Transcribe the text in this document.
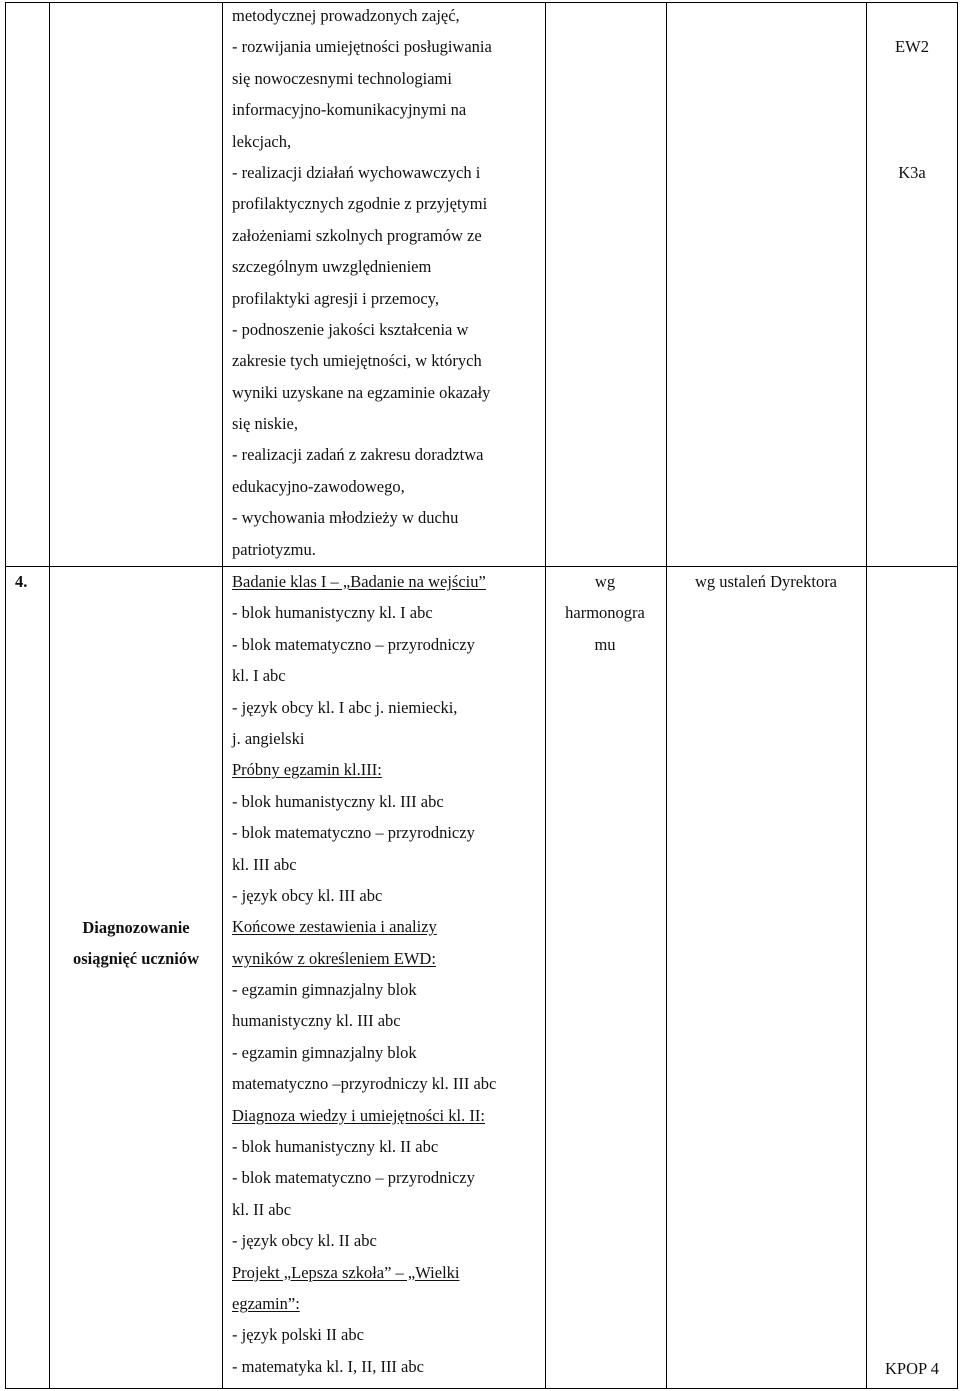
metodycznej prowadzonych zajęć,
- rozwijania umiejętności posługiwania
się nowoczesnymi technologiami
informacyjno-komunikacyjnymi na
lekcjach,
- realizacji działań wychowawczych i
profilaktycznych zgodnie z przyjętymi
założeniami szkolnych programów ze
szczególnym uwzględnieniem
profilaktyki agresji i przemocy,
- podnoszenie jakości kształcenia w
zakresie tych umiejętności, w których
wyniki uzyskane na egzaminie okazały
się niskie,
- realizacji zadań z zakresu doradztwa
edukacyjno-zawodowego,
- wychowania młodzieży w duchu
patriotyzmu.
EW2
K3a
4.
Diagnozowanie
osiągnięć uczniów
Badanie klas I – „Badanie na wejściu”
- blok humanistyczny kl. I abc
- blok matematyczno – przyrodniczy
kl. I abc
- język obcy kl. I abc j. niemiecki,
j. angielski
Próbny egzamin kl.III:
- blok humanistyczny kl. III abc
- blok matematyczno – przyrodniczy
kl. III abc
- język obcy kl. III abc
Końcowe zestawienia i analizy
wyników z określeniem EWD:
- egzamin gimnazjalny blok
humanistyczny kl. III abc
- egzamin gimnazjalny blok
matematyczno –przyrodniczy kl. III abc
Diagnoza wiedzy i umiejętności kl. II:
- blok humanistyczny kl. II abc
- blok matematyczno – przyrodniczy
kl. II abc
- język obcy kl. II abc
Projekt „Lepsza szkoła” – „Wielki
egzamin”:
- język polski II abc
- matematyka kl. I, II, III abc
wg
harmonogra
mu
wg ustaleń Dyrektora
KPOP 4
